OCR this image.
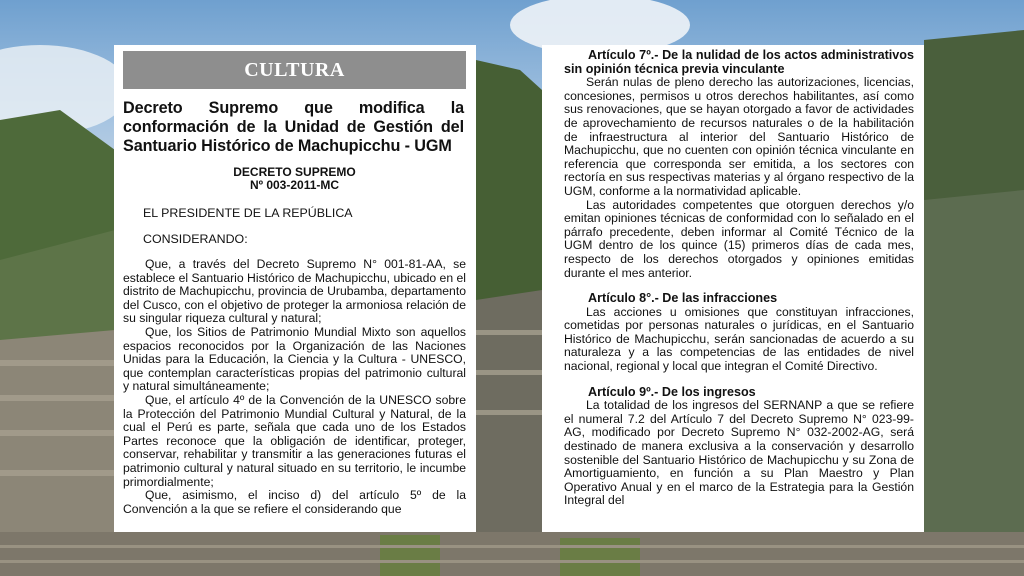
CULTURA
Decreto Supremo que modifica la conformación de la Unidad de Gestión del Santuario Histórico de Machupicchu - UGM
DECRETO SUPREMO
Nº 003-2011-MC
EL PRESIDENTE DE LA REPÚBLICA
CONSIDERANDO:

Que, a través del Decreto Supremo N° 001-81-AA, se establece el Santuario Histórico de Machupicchu, ubicado en el distrito de Machupicchu, provincia de Urubamba, departamento del Cusco, con el objetivo de proteger la armoniosa relación de su singular riqueza cultural y natural;

Que, los Sitios de Patrimonio Mundial Mixto son aquellos espacios reconocidos por la Organización de las Naciones Unidas para la Educación, la Ciencia y la Cultura - UNESCO, que contemplan características propias del patrimonio cultural y natural simultáneamente;

Que, el artículo 4º de la Convención de la UNESCO sobre la Protección del Patrimonio Mundial Cultural y Natural, de la cual el Perú es parte, señala que cada uno de los Estados Partes reconoce que la obligación de identificar, proteger, conservar, rehabilitar y transmitir a las generaciones futuras el patrimonio cultural y natural situado en su territorio, le incumbe primordialmente;

Que, asimismo, el inciso d) del artículo 5º de la Convención a la que se refiere el considerando que

Artículo 7º.- De la nulidad de los actos administrativos sin opinión técnica previa vinculante

Serán nulas de pleno derecho las autorizaciones, licencias, concesiones, permisos u otros derechos habilitantes, así como sus renovaciones, que se hayan otorgado a favor de actividades de aprovechamiento de recursos naturales o de la habilitación de infraestructura al interior del Santuario Histórico de Machupicchu, que no cuenten con opinión técnica vinculante en referencia que corresponda ser emitida, a los sectores con rectoría en sus respectivas materias y al órgano respectivo de la UGM, conforme a la normatividad aplicable.

Las autoridades competentes que otorguen derechos y/o emitan opiniones técnicas de conformidad con lo señalado en el párrafo precedente, deben informar al Comité Técnico de la UGM dentro de los quince (15) primeros días de cada mes, respecto de los derechos otorgados y opiniones emitidas durante el mes anterior.

Artículo 8°.- De las infracciones

Las acciones u omisiones que constituyan infracciones, cometidas por personas naturales o jurídicas, en el Santuario Histórico de Machupicchu, serán sancionadas de acuerdo a su naturaleza y a las competencias de las entidades de nivel nacional, regional y local que integran el Comité Directivo.

Artículo 9º.- De los ingresos

La totalidad de los ingresos del SERNANP a que se refiere el numeral 7.2 del Artículo 7 del Decreto Supremo N° 023-99-AG, modificado por Decreto Supremo N° 032-2002-AG, será destinado de manera exclusiva a la conservación y desarrollo sostenible del Santuario Histórico de Machupicchu y su Zona de Amortiguamiento, en función a su Plan Maestro y Plan Operativo Anual y en el marco de la Estrategia para la Gestión Integral del
